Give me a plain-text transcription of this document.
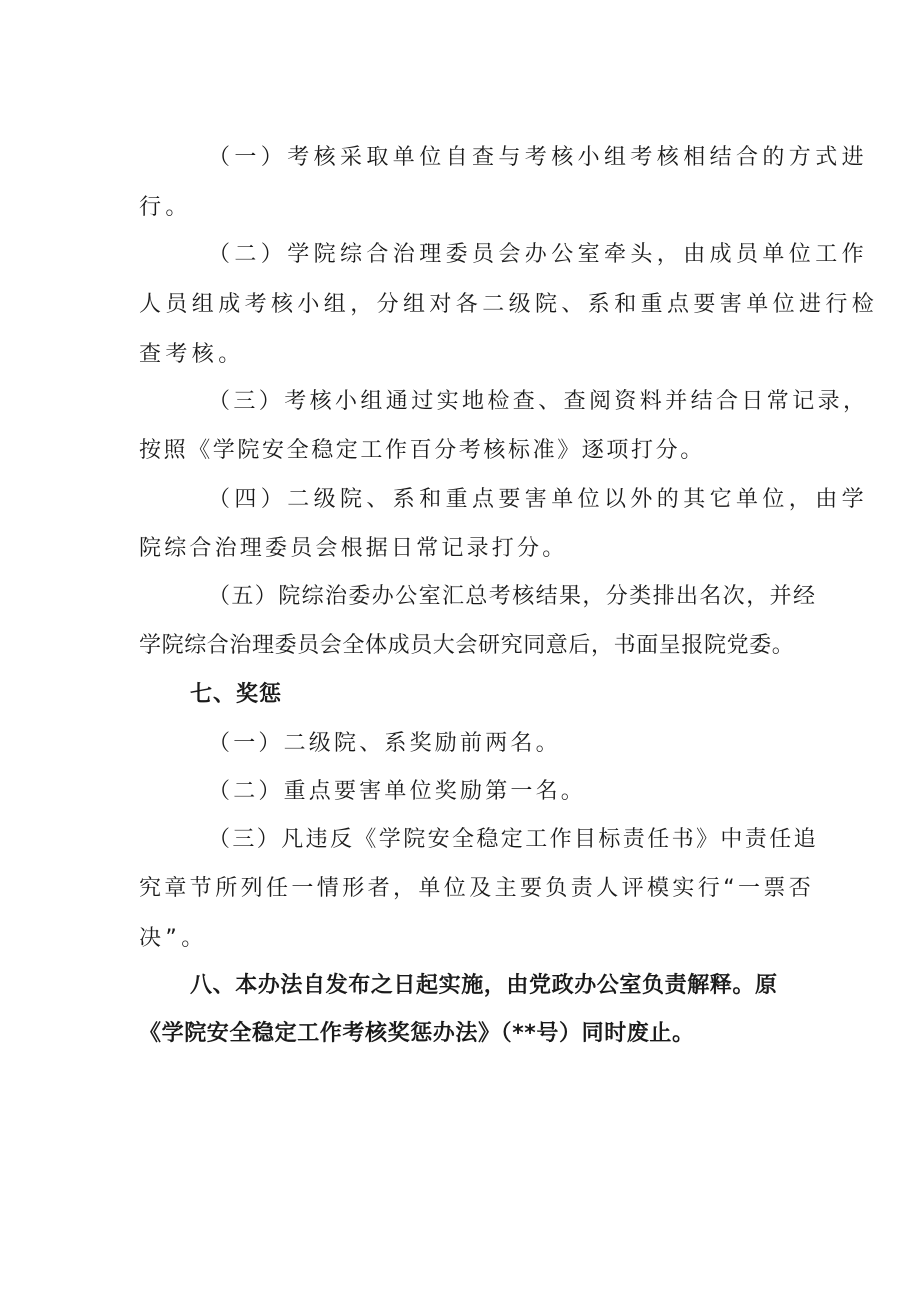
（一）考核采取单位自查与考核小组考核相结合的方式进
行。
（二）学院综合治理委员会办公室牵头，由成员单位工作
人员组成考核小组，分组对各二级院、系和重点要害单位进行检
查考核。
（三）考核小组通过实地检查、查阅资料并结合日常记录，
按照《学院安全稳定工作百分考核标准》逐项打分。
（四）二级院、系和重点要害单位以外的其它单位，由学
院综合治理委员会根据日常记录打分。
（五）院综治委办公室汇总考核结果，分类排出名次，并经
学院综合治理委员会全体成员大会研究同意后，书面呈报院党委。
七、奖惩
（一）二级院、系奖励前两名。
（二）重点要害单位奖励第一名。
（三）凡违反《学院安全稳定工作目标责任书》中责任追
究章节所列任一情形者，单位及主要负责人评模实行“一票否
决”。
八、本办法自发布之日起实施，由党政办公室负责解释。原
《学院安全稳定工作考核奖惩办法》（**号）同时废止。
